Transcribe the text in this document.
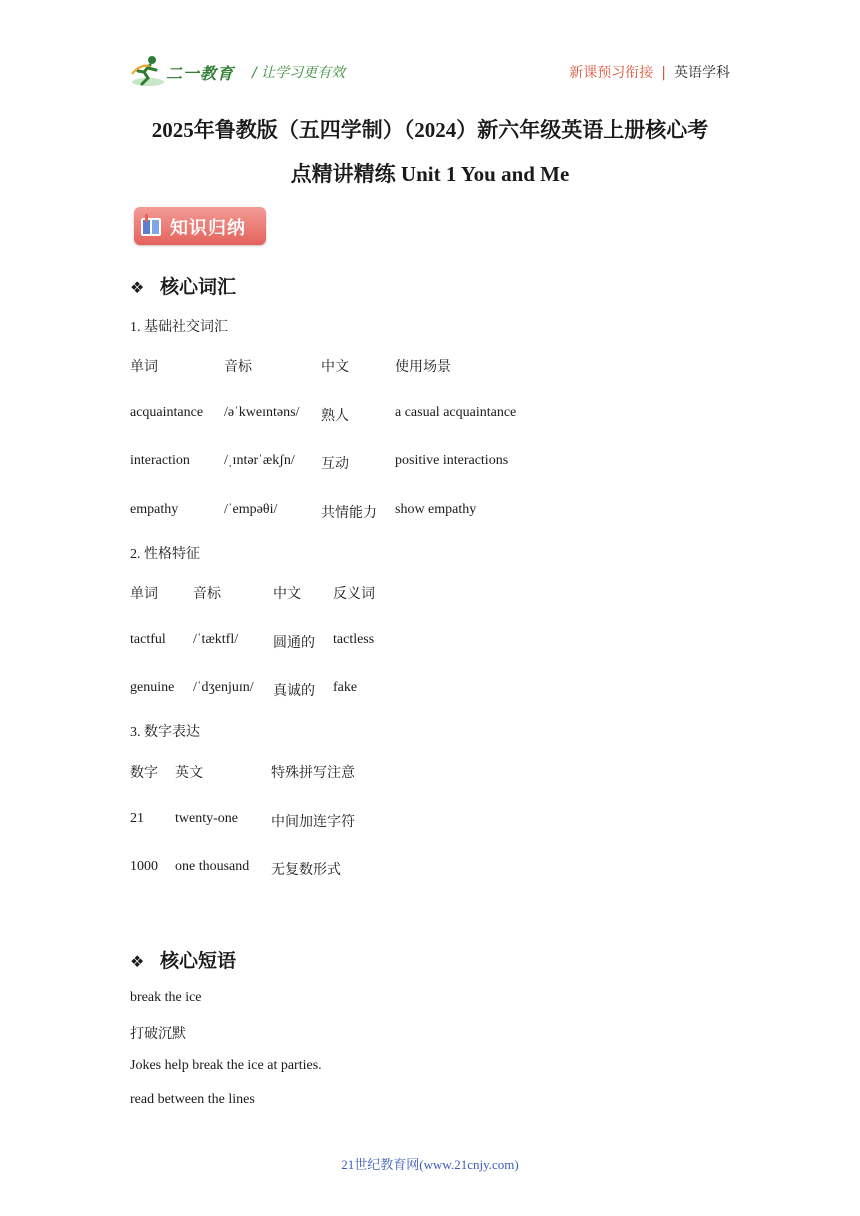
二一教育 / 让学习更有效	新课预习衔接 | 英语学科
2025年鲁教版（五四学制）（2024）新六年级英语上册核心考
点精讲精练 Unit 1 You and Me
知识归纳
❖ 核心词汇
1. 基础社交词汇
单词	音标	中文	使用场景
acquaintance	/əˈkweɪntəns/	熟人	a casual acquaintance
interaction	/ˌɪntərˈækʃn/	互动	positive interactions
empathy	/ˈempəθi/	共情能力	show empathy
2. 性格特征
单词	音标	中文	反义词
tactful	/ˈtæktfl/	圆通的	tactless
genuine	/ˈdʒenjuɪn/	真诚的	fake
3. 数字表达
数字	英文	特殊拼写注意
21	twenty-one	中间加连字符
1000	one thousand	无复数形式
❖ 核心短语
break the ice
打破沉默
Jokes help break the ice at parties.
read between the lines
21世纪教育网(www.21cnjy.com)
